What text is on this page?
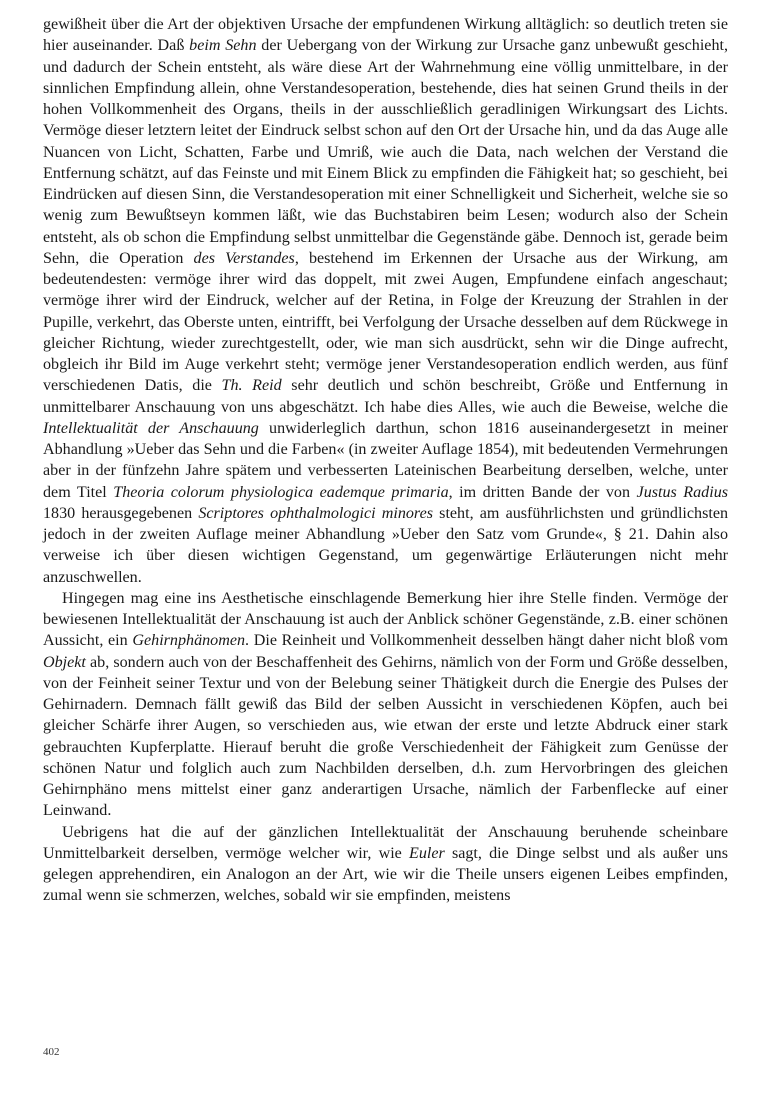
gewißheit über die Art der objektiven Ursache der empfundenen Wirkung alltäglich: so deutlich treten sie hier auseinander. Daß beim Sehn der Uebergang von der Wirkung zur Ursache ganz unbewußt geschieht, und dadurch der Schein entsteht, als wäre diese Art der Wahrnehmung eine völlig unmittelbare, in der sinnlichen Empfindung allein, ohne Verstandesoperation, bestehende, dies hat seinen Grund theils in der hohen Vollkommenheit des Organs, theils in der ausschließlich geradlinigen Wirkungsart des Lichts. Vermöge dieser letztern leitet der Eindruck selbst schon auf den Ort der Ursache hin, und da das Auge alle Nuancen von Licht, Schatten, Farbe und Umriß, wie auch die Data, nach welchen der Verstand die Entfernung schätzt, auf das Feinste und mit Einem Blick zu empfinden die Fähigkeit hat; so geschieht, bei Eindrücken auf diesen Sinn, die Verstandesoperation mit einer Schnelligkeit und Sicherheit, welche sie so wenig zum Bewußtseyn kommen läßt, wie das Buchstabiren beim Lesen; wodurch also der Schein entsteht, als ob schon die Empfindung selbst unmittelbar die Gegenstände gäbe. Dennoch ist, gerade beim Sehn, die Operation des Verstandes, bestehend im Erkennen der Ursache aus der Wirkung, am bedeutendesten: vermöge ihrer wird das doppelt, mit zwei Augen, Empfundene einfach angeschaut; vermöge ihrer wird der Eindruck, welcher auf der Retina, in Folge der Kreuzung der Strahlen in der Pupille, verkehrt, das Oberste unten, eintrifft, bei Verfolgung der Ursache desselben auf dem Rückwege in gleicher Richtung, wieder zurechtgestellt, oder, wie man sich ausdrückt, sehn wir die Dinge aufrecht, obgleich ihr Bild im Auge verkehrt steht; vermöge jener Verstandesoperation endlich werden, aus fünf verschiedenen Datis, die Th. Reid sehr deutlich und schön beschreibt, Größe und Entfernung in unmittelbarer Anschauung von uns abgeschätzt. Ich habe dies Alles, wie auch die Beweise, welche die Intellektualität der Anschauung unwiderleglich darthun, schon 1816 auseinandergesetzt in meiner Abhandlung »Ueber das Sehn und die Farben« (in zweiter Auflage 1854), mit bedeutenden Vermehrungen aber in der fünfzehn Jahre spätem und verbesserten Lateinischen Bearbeitung derselben, welche, unter dem Titel Theoria colorum physiologica eademque primaria, im dritten Bande der von Justus Radius 1830 herausgegebenen Scriptores ophthalmologici minores steht, am ausführlichsten und gründlichsten jedoch in der zweiten Auflage meiner Abhandlung »Ueber den Satz vom Grunde«, § 21. Dahin also verweise ich über diesen wichtigen Gegenstand, um gegenwärtige Erläuterungen nicht mehr anzuschwellen.

Hingegen mag eine ins Aesthetische einschlagende Bemerkung hier ihre Stelle finden. Vermöge der bewiesenen Intellektualität der Anschauung ist auch der Anblick schöner Gegenstände, z.B. einer schönen Aussicht, ein Gehirnphänomen. Die Reinheit und Vollkommenheit desselben hängt daher nicht bloß vom Objekt ab, sondern auch von der Beschaffenheit des Gehirns, nämlich von der Form und Größe desselben, von der Feinheit seiner Textur und von der Belebung seiner Thätigkeit durch die Energie des Pulses der Gehirnadern. Demnach fällt gewiß das Bild der selben Aussicht in verschiedenen Köpfen, auch bei gleicher Schärfe ihrer Augen, so verschieden aus, wie etwan der erste und letzte Abdruck einer stark gebrauchten Kupferplatte. Hierauf beruht die große Verschiedenheit der Fähigkeit zum Genüsse der schönen Natur und folglich auch zum Nachbilden derselben, d.h. zum Hervorbringen des gleichen Gehirnphäno mens mittelst einer ganz anderartigen Ursache, nämlich der Farbenflecke auf einer Leinwand.

Uebrigens hat die auf der gänzlichen Intellektualität der Anschauung beruhende scheinbare Unmittelbarkeit derselben, vermöge welcher wir, wie Euler sagt, die Dinge selbst und als außer uns gelegen apprehendiren, ein Analogon an der Art, wie wir die Theile unsers eigenen Leibes empfinden, zumal wenn sie schmerzen, welches, sobald wir sie empfinden, meistens

402
